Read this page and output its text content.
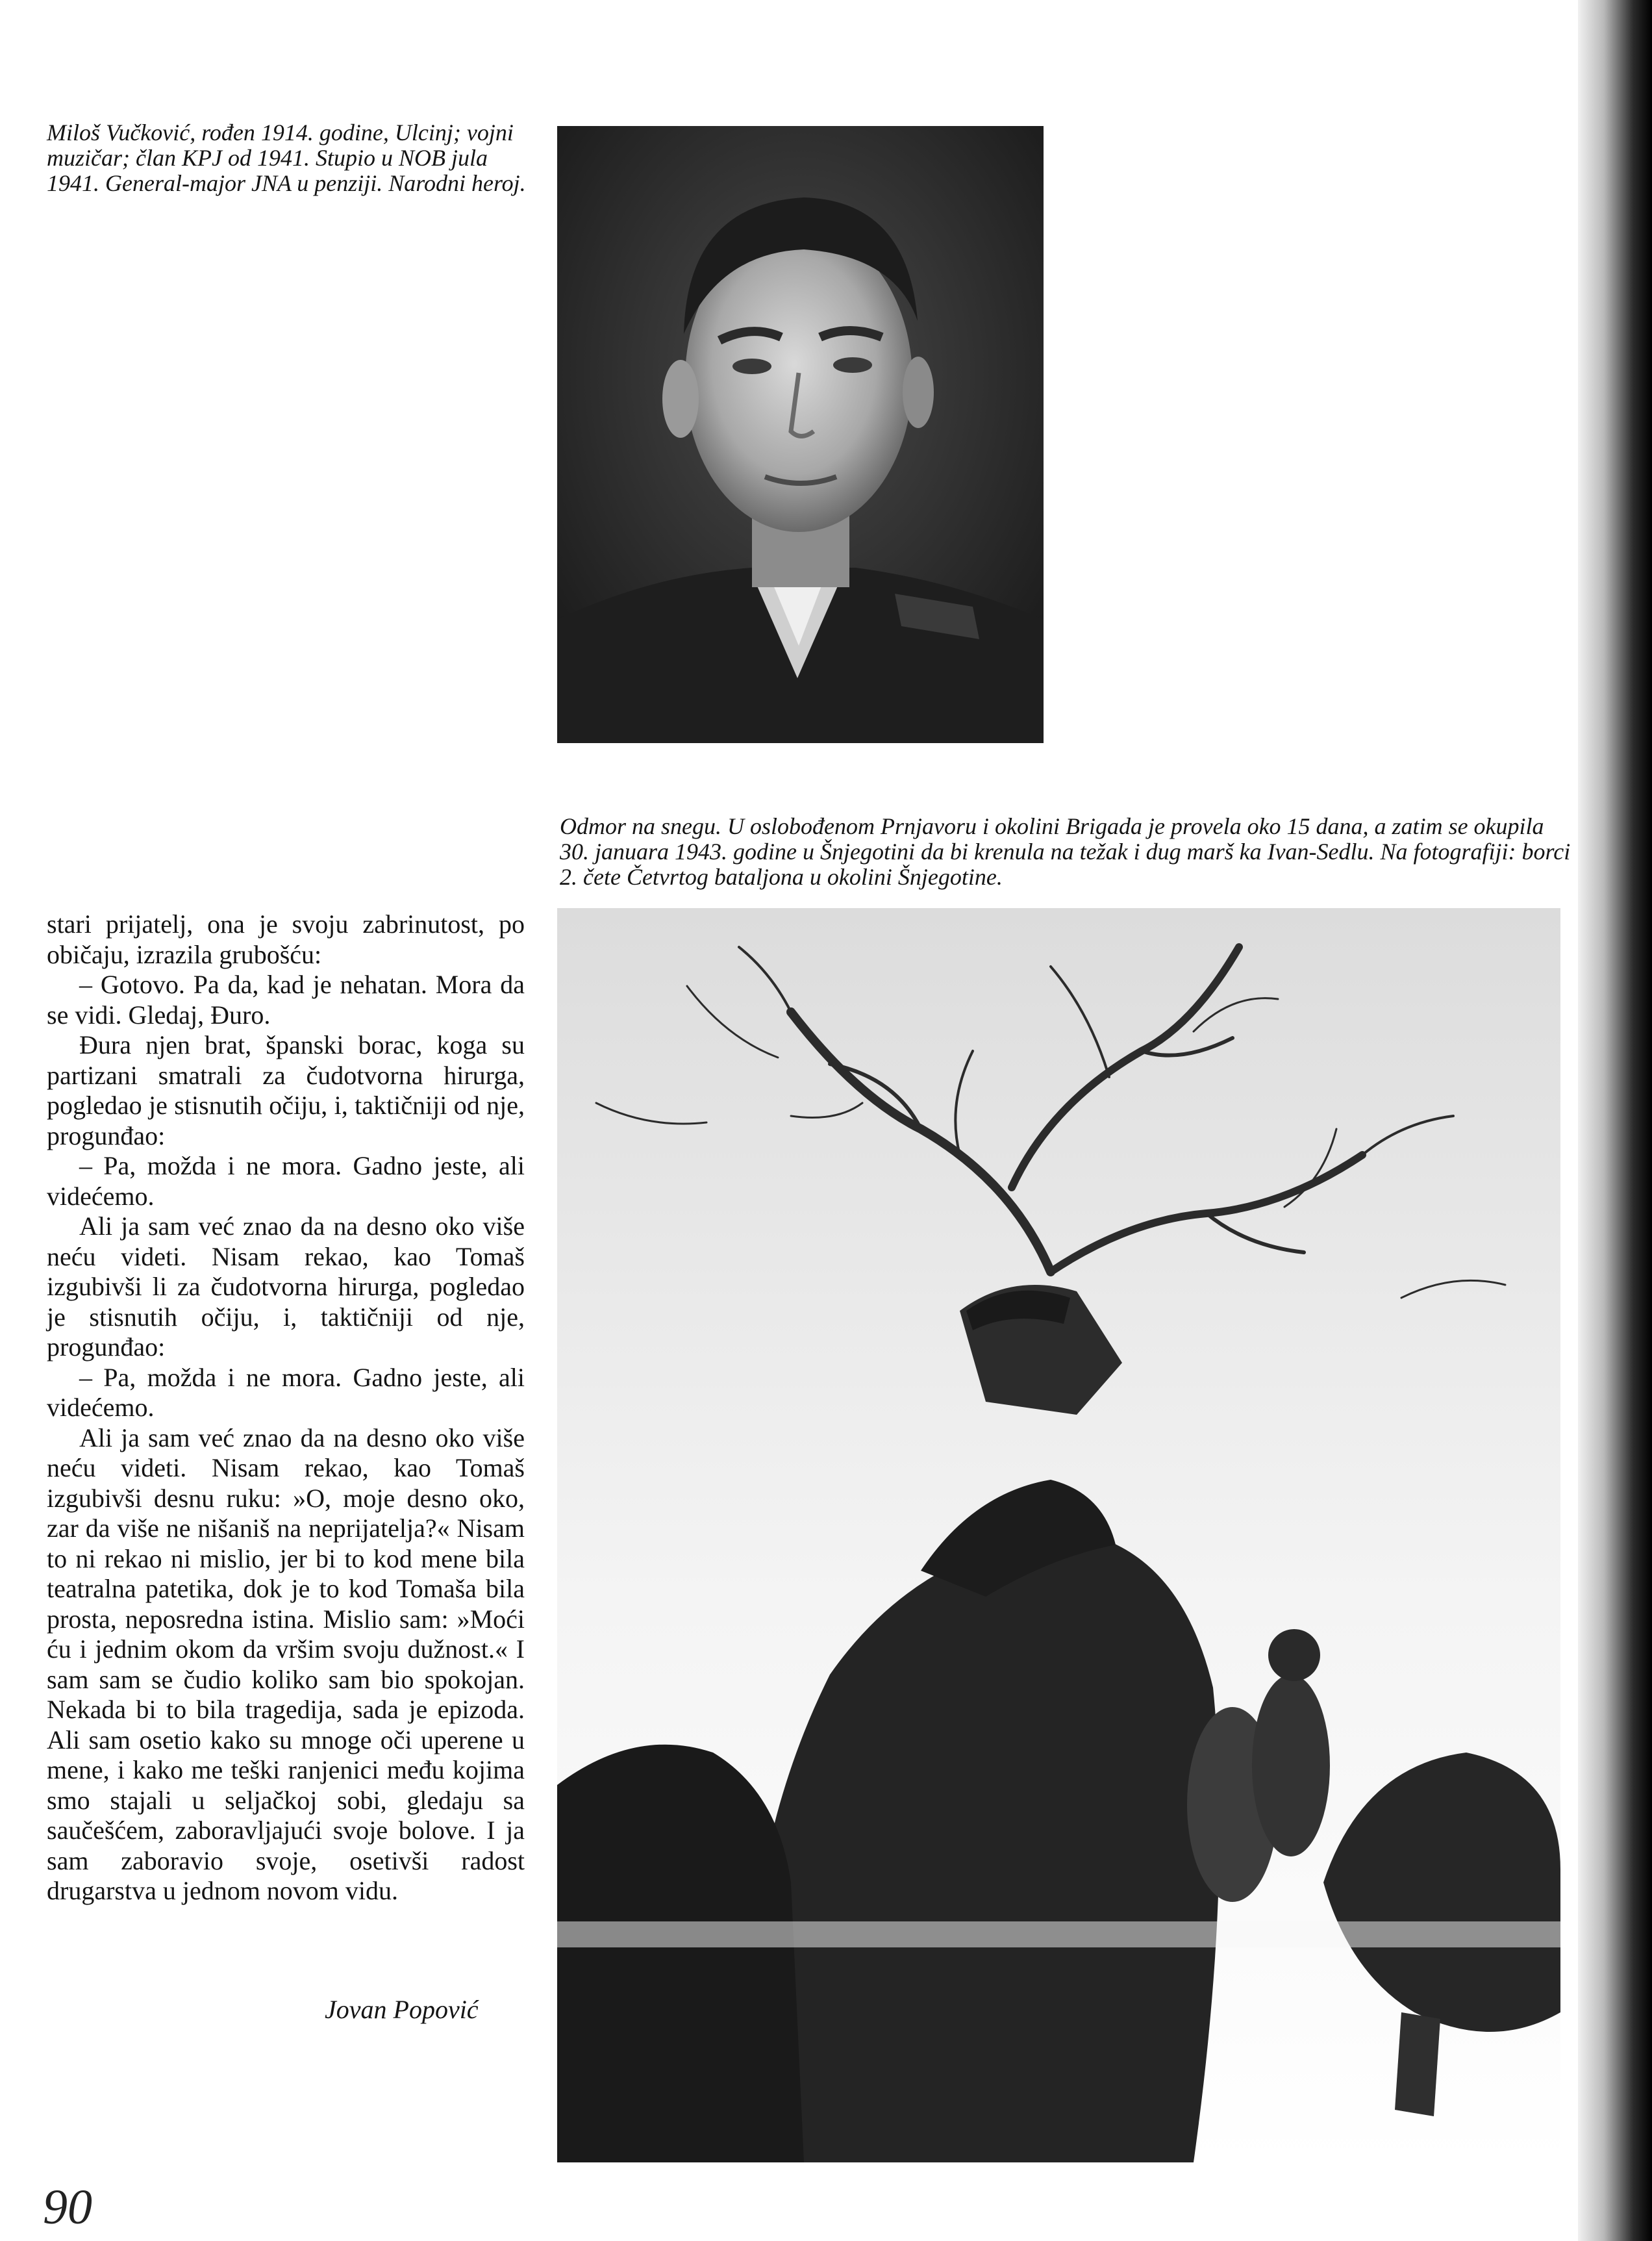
Miloš Vučković, rođen 1914. godine, Ulcinj; vojni muzičar; član KPJ od 1941. Stupio u NOB jula 1941. General-major JNA u penziji. Narodni heroj.

Odmor na snegu. U oslobođenom Prnjavoru i okolini Brigada je provela oko 15 dana, a zatim se okupila 30. januara 1943. godine u Šnjegotini da bi krenula na težak i dug marš ka Ivan-Sedlu. Na fotografiji: borci 2. čete Četvrtog bataljona u okolini Šnjegotine.

stari prijatelj, ona je svoju zabrinutost, po običaju, izrazila grubošću:

– Gotovo. Pa da, kad je nehatan. Mora da se vidi. Gledaj, Đuro.

Đura njen brat, španski borac, koga su partizani smatrali za čudotvorna hirurga, pogledao je stisnutih očiju, i, taktičniji od nje, progunđao:

– Pa, možda i ne mora. Gadno jeste, ali videćemo.

Ali ja sam već znao da na desno oko više neću videti. Nisam rekao, kao Tomaš izgubivši li za čudotvorna hirurga, pogledao je stisnutih očiju, i, taktičniji od nje, progunđao:

– Pa, možda i ne mora. Gadno jeste, ali videćemo.

Ali ja sam već znao da na desno oko više neću videti. Nisam rekao, kao Tomaš izgubivši desnu ruku: »O, moje desno oko, zar da više ne nišaniš na neprijatelja?« Nisam to ni rekao ni mislio, jer bi to kod mene bila teatralna patetika, dok je to kod Tomaša bila prosta, neposredna istina. Mislio sam: »Moći ću i jednim okom da vršim svoju dužnost.« I sam sam se čudio koliko sam bio spokojan. Nekada bi to bila tragedija, sada je epizoda. Ali sam osetio kako su mnoge oči uperene u mene, i kako me teški ranjenici među kojima smo stajali u seljačkoj sobi, gledaju sa saučešćem, zaboravljajući svoje bolove. I ja sam zaboravio svoje, osetivši radost drugarstva u jednom novom vidu.

Jovan Popović
90
